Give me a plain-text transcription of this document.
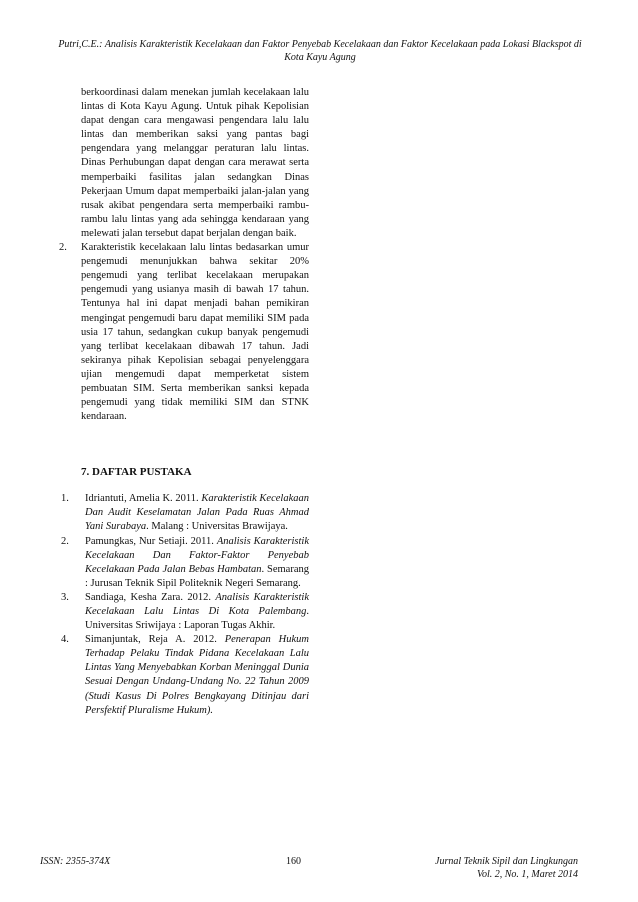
Putri,C.E.: Analisis Karakteristik Kecelakaan dan Faktor Penyebab Kecelakaan dan Faktor Kecelakaan pada Lokasi Blackspot di
Kota Kayu Agung

berkoordinasi dalam menekan jumlah kecelakaan lalu lintas di Kota Kayu Agung. Untuk pihak Kepolisian dapat dengan cara mengawasi pengendara lalu lalu lintas dan memberikan saksi yang pantas bagi pengendara yang melanggar peraturan lalu lintas. Dinas Perhubungan dapat dengan cara merawat serta memperbaiki fasilitas jalan sedangkan Dinas Pekerjaan Umum dapat memperbaiki jalan-jalan yang rusak akibat pengendara serta memperbaiki rambu-rambu lalu lintas yang ada sehingga kendaraan yang melewati jalan tersebut dapat berjalan dengan baik.

2.	Karakteristik kecelakaan lalu lintas bedasarkan umur pengemudi menunjukkan bahwa sekitar 20% pengemudi yang terlibat kecelakaan merupakan pengemudi yang usianya masih di bawah 17 tahun. Tentunya hal ini dapat menjadi bahan pemikiran mengingat pengemudi baru dapat memiliki SIM pada usia 17 tahun, sedangkan cukup banyak pengemudi yang terlibat kecelakaan dibawah 17 tahun. Jadi sekiranya pihak Kepolisian sebagai penyelenggara ujian mengemudi dapat memperketat sistem pembuatan SIM. Serta memberikan sanksi kepada pengemudi yang tidak memiliki SIM dan STNK kendaraan.

7. DAFTAR PUSTAKA
1.	Idriantuti, Amelia K. 2011. Karakteristik Kecelakaan Dan Audit Keselamatan Jalan Pada Ruas Ahmad Yani Surabaya. Malang : Universitas Brawijaya.

2.	Pamungkas, Nur Setiaji. 2011. Analisis Karakteristik Kecelakaan Dan Faktor-Faktor Penyebab Kecelakaan Pada Jalan Bebas Hambatan. Semarang : Jurusan Teknik Sipil Politeknik Negeri Semarang.

3.	Sandiaga, Kesha Zara. 2012. Analisis Karakteristik Kecelakaan Lalu Lintas Di Kota Palembang. Universitas Sriwijaya : Laporan Tugas Akhir.

4.	Simanjuntak, Reja A. 2012. Penerapan Hukum Terhadap Pelaku Tindak Pidana Kecelakaan Lalu Lintas Yang Menyebabkan Korban Meninggal Dunia Sesuai Dengan Undang-Undang No. 22 Tahun 2009 (Studi Kasus Di Polres Bengkayang Ditinjau dari Persfektif Pluralisme Hukum).

ISSN: 2355-374X	160	Jurnal Teknik Sipil dan Lingkungan
Vol. 2, No. 1, Maret 2014
